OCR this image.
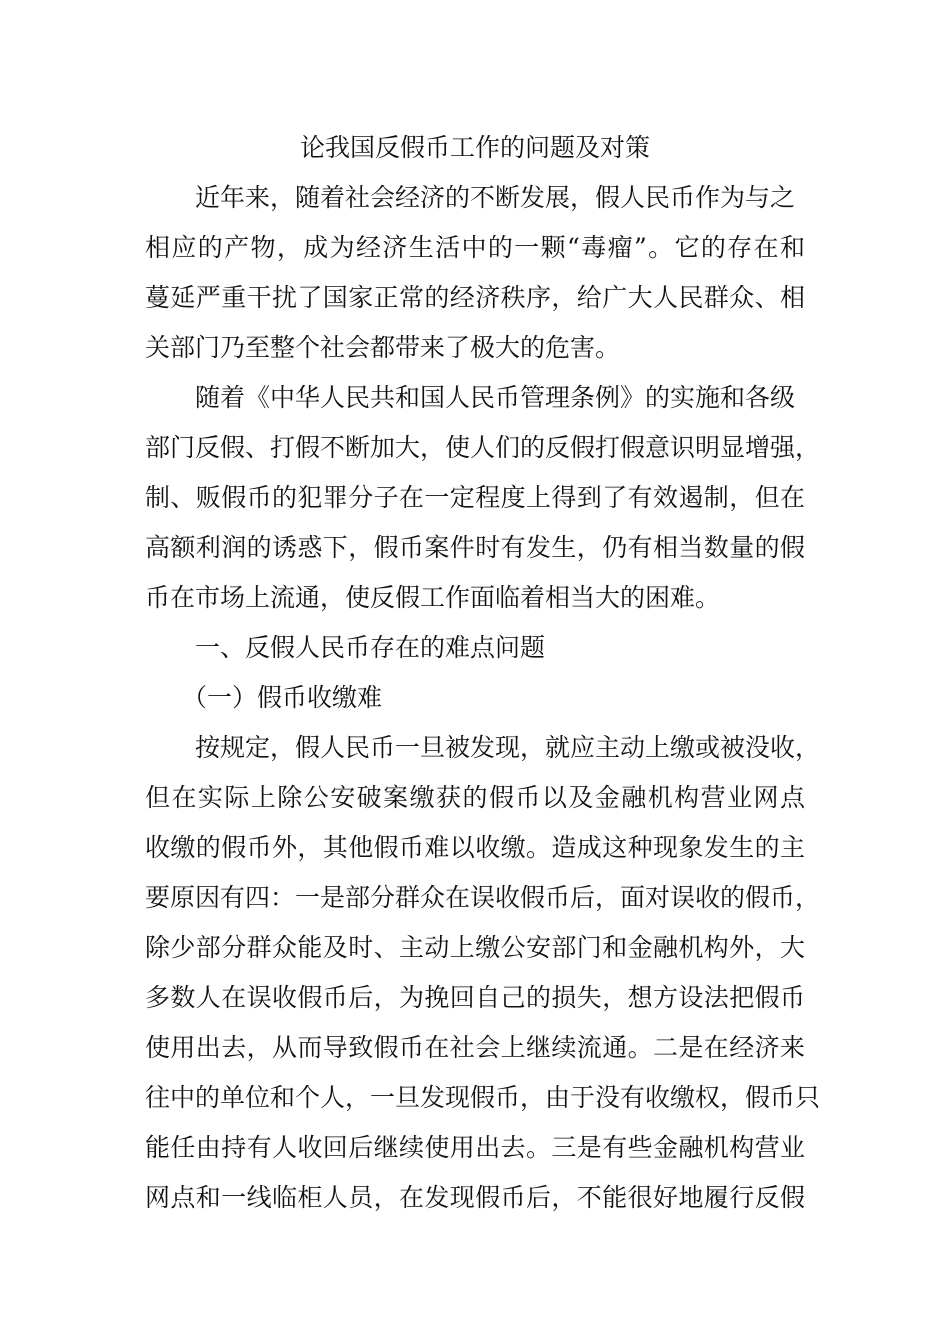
论我国反假币工作的问题及对策
近年来，随着社会经济的不断发展，假人民币作为与之
相应的产物，成为经济生活中的一颗“毒瘤”。它的存在和
蔓延严重干扰了国家正常的经济秩序，给广大人民群众、相
关部门乃至整个社会都带来了极大的危害。
随着《中华人民共和国人民币管理条例》的实施和各级
部门反假、打假不断加大，使人们的反假打假意识明显增强，
制、贩假币的犯罪分子在一定程度上得到了有效遏制，但在
高额利润的诱惑下，假币案件时有发生，仍有相当数量的假
币在市场上流通，使反假工作面临着相当大的困难。
一、反假人民币存在的难点问题
（一）假币收缴难
按规定，假人民币一旦被发现，就应主动上缴或被没收，
但在实际上除公安破案缴获的假币以及金融机构营业网点
收缴的假币外，其他假币难以收缴。造成这种现象发生的主
要原因有四：一是部分群众在误收假币后，面对误收的假币，
除少部分群众能及时、主动上缴公安部门和金融机构外，大
多数人在误收假币后，为挽回自己的损失，想方设法把假币
使用出去，从而导致假币在社会上继续流通。二是在经济来
往中的单位和个人，一旦发现假币，由于没有收缴权，假币只
能任由持有人收回后继续使用出去。三是有些金融机构营业
网点和一线临柜人员，在发现假币后，不能很好地履行反假
